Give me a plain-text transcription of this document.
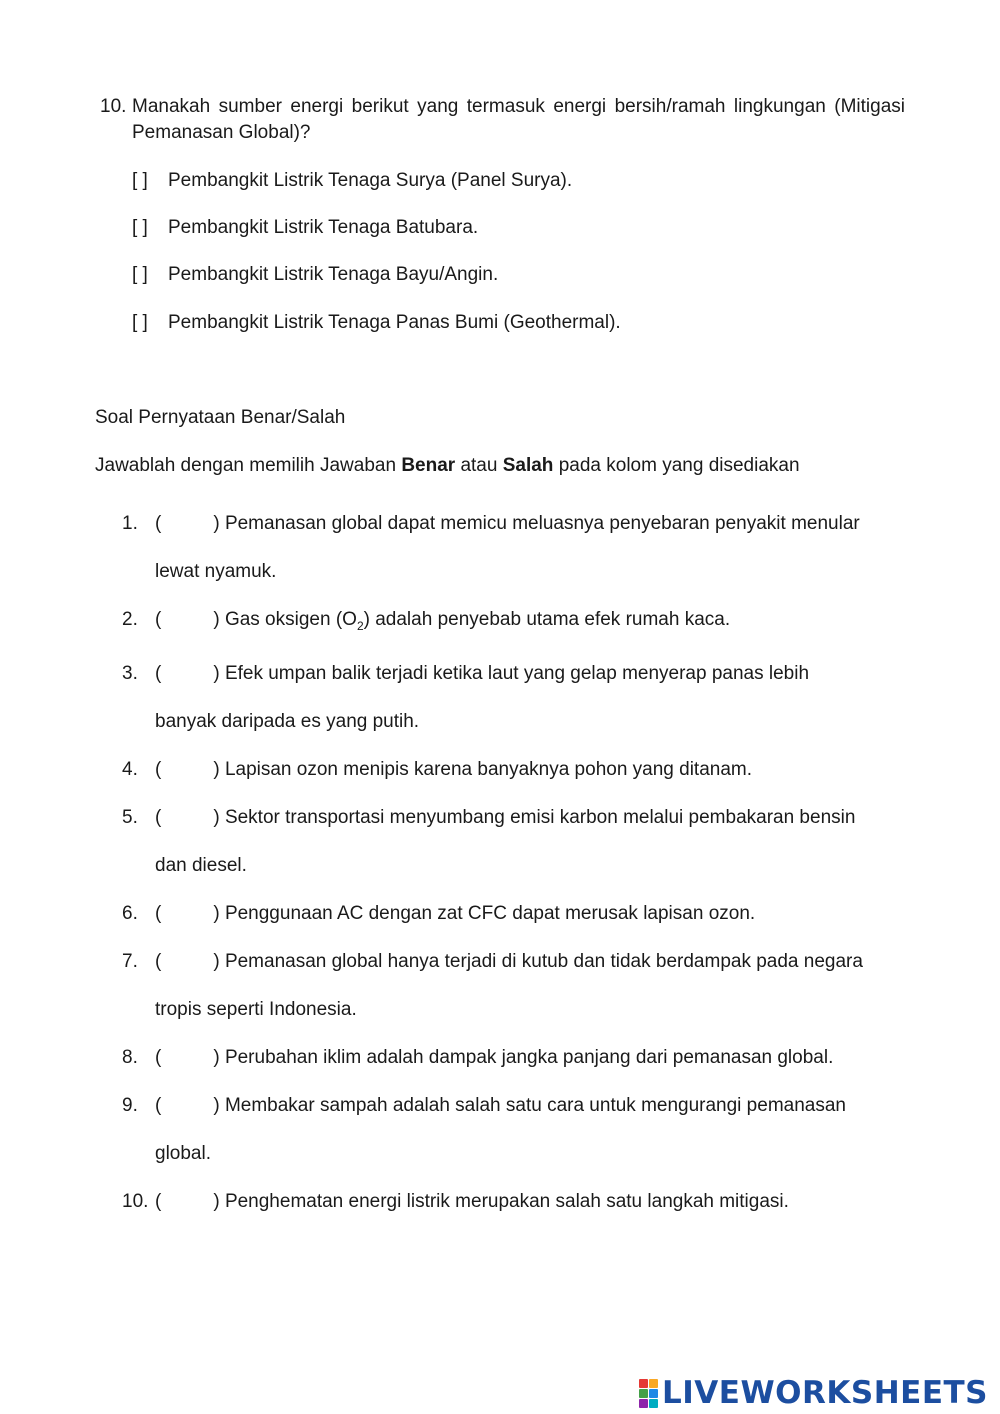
10. Manakah sumber energi berikut yang termasuk energi bersih/ramah lingkungan (Mitigasi Pemanasan Global)?
[ ] Pembangkit Listrik Tenaga Surya (Panel Surya).
[ ] Pembangkit Listrik Tenaga Batubara.
[ ] Pembangkit Listrik Tenaga Bayu/Angin.
[ ] Pembangkit Listrik Tenaga Panas Bumi (Geothermal).
Soal Pernyataan Benar/Salah
Jawablah dengan memilih Jawaban Benar atau Salah pada kolom yang disediakan
1. (	) Pemanasan global dapat memicu meluasnya penyebaran penyakit menular
lewat nyamuk.
2. (	) Gas oksigen $(O_2)$ adalah penyebab utama efek rumah kaca.
3. (	) Efek umpan balik terjadi ketika laut yang gelap menyerap panas lebih
banyak daripada es yang putih.
4. (	) Lapisan ozon menipis karena banyaknya pohon yang ditanam.
5. (	) Sektor transportasi menyumbang emisi karbon melalui pembakaran bensin
dan diesel.
6. (	) Penggunaan AC dengan zat CFC dapat merusak lapisan ozon.
7. (	) Pemanasan global hanya terjadi di kutub dan tidak berdampak pada negara
tropis seperti Indonesia.
8. (	) Perubahan iklim adalah dampak jangka panjang dari pemanasan global.
9. (	) Membakar sampah adalah salah satu cara untuk mengurangi pemanasan
global.
10. (	) Penghematan energi listrik merupakan salah satu langkah mitigasi.
LIVEWORKSHEETS
